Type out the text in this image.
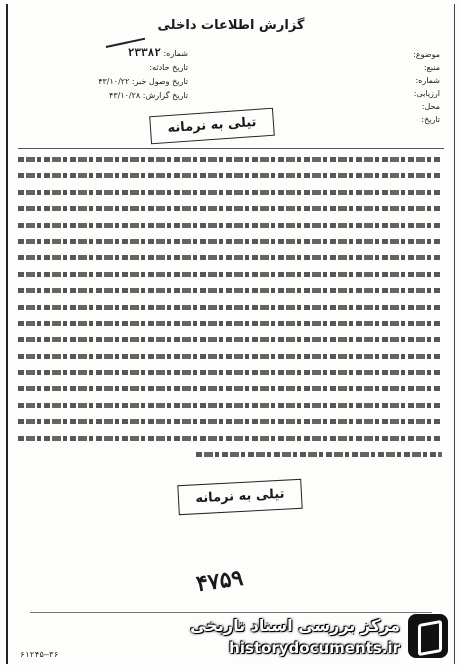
گزارش اطلاعات داخلی
موضوع:
منبع:
شماره:
ارزیابی:
محل:
تاریخ:
شماره: ۲۳۳۸۲
تاریخ حادثه:
تاریخ وصول خبر: ۴۳/۱۰/۲۲
تاریخ گزارش: ۴۳/۱۰/۲۸
تیلی به نرمانه
تیلی به نرمانه
۴۷۵۹
مرکز بررسی اسناد تاریخی
historydocuments.ir
۶۱۲۴۵—۳۶
